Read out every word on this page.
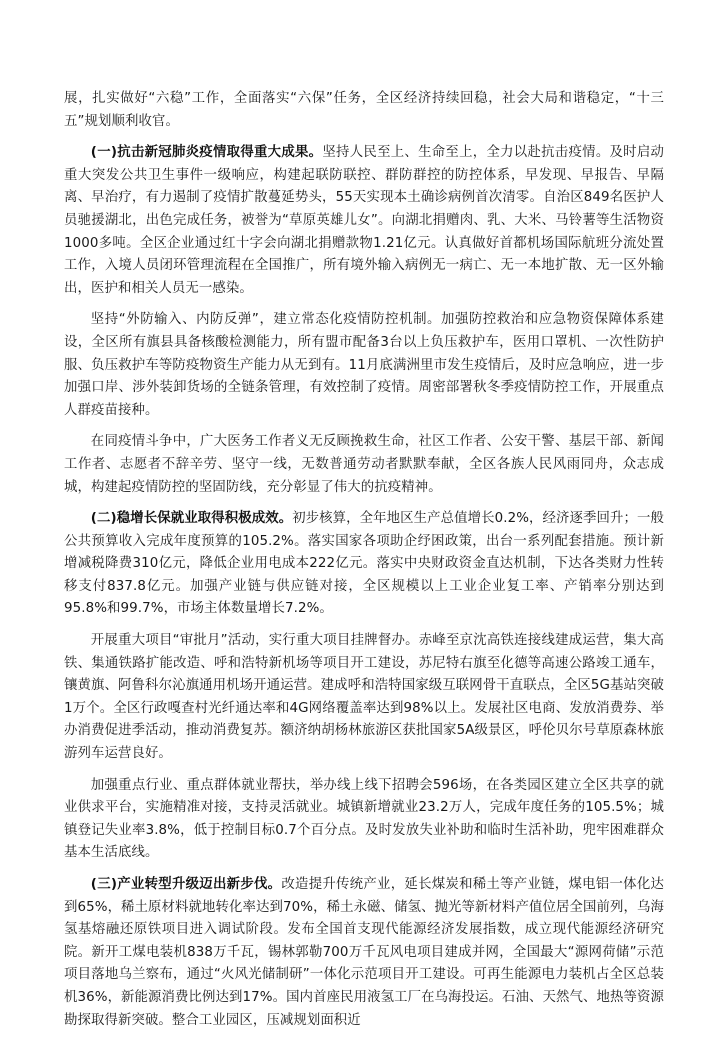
展，扎实做好“六稳”工作，全面落实“六保”任务，全区经济持续回稳，社会大局和谐稳定，“十三五”规划顺利收官。

(一)抗击新冠肺炎疫情取得重大成果。坚持人民至上、生命至上，全力以赴抗击疫情。及时启动重大突发公共卫生事件一级响应，构建起联防联控、群防群控的防控体系，早发现、早报告、早隔离、早治疗，有力遏制了疫情扩散蔓延势头，55天实现本土确诊病例首次清零。自治区849名医护人员驰援湖北，出色完成任务，被誉为“草原英雄儿女”。向湖北捐赠肉、乳、大米、马铃薯等生活物资1000多吨。全区企业通过红十字会向湖北捐赠款物1.21亿元。认真做好首都机场国际航班分流处置工作，入境人员闭环管理流程在全国推广，所有境外输入病例无一病亡、无一本地扩散、无一区外输出，医护和相关人员无一感染。

坚持“外防输入、内防反弹”，建立常态化疫情防控机制。加强防控救治和应急物资保障体系建设，全区所有旗县具备核酸检测能力，所有盟市配备3台以上负压救护车，医用口罩机、一次性防护服、负压救护车等防疫物资生产能力从无到有。11月底满洲里市发生疫情后，及时应急响应，进一步加强口岸、涉外装卸货场的全链条管理，有效控制了疫情。周密部署秋冬季疫情防控工作，开展重点人群疫苗接种。

在同疫情斗争中，广大医务工作者义无反顾挽救生命，社区工作者、公安干警、基层干部、新闻工作者、志愿者不辞辛劳、坚守一线，无数普通劳动者默默奉献，全区各族人民风雨同舟，众志成城，构建起疫情防控的坚固防线，充分彰显了伟大的抗疫精神。

(二)稳增长保就业取得积极成效。初步核算，全年地区生产总值增长0.2%，经济逐季回升；一般公共预算收入完成年度预算的105.2%。落实国家各项助企纾困政策，出台一系列配套措施。预计新增减税降费310亿元，降低企业用电成本222亿元。落实中央财政资金直达机制，下达各类财力性转移支付837.8亿元。加强产业链与供应链对接，全区规模以上工业企业复工率、产销率分别达到95.8%和99.7%，市场主体数量增长7.2%。

开展重大项目“审批月”活动，实行重大项目挂牌督办。赤峰至京沈高铁连接线建成运营，集大高铁、集通铁路扩能改造、呼和浩特新机场等项目开工建设，苏尼特右旗至化德等高速公路竣工通车，镶黄旗、阿鲁科尔沁旗通用机场开通运营。建成呼和浩特国家级互联网骨干直联点，全区5G基站突破1万个。全区行政嘎查村光纤通达率和4G网络覆盖率达到98%以上。发展社区电商、发放消费券、举办消费促进季活动，推动消费复苏。额济纳胡杨林旅游区获批国家5A级景区，呼伦贝尔号草原森林旅游列车运营良好。

加强重点行业、重点群体就业帮扶，举办线上线下招聘会596场，在各类园区建立全区共享的就业供求平台，实施精准对接，支持灵活就业。城镇新增就业23.2万人，完成年度任务的105.5%；城镇登记失业率3.8%，低于控制目标0.7个百分点。及时发放失业补助和临时生活补助，兜牢困难群众基本生活底线。

(三)产业转型升级迈出新步伐。改造提升传统产业，延长煤炭和稀土等产业链，煤电铝一体化达到65%，稀土原材料就地转化率达到70%，稀土永磁、储氢、抛光等新材料产值位居全国前列，乌海氢基熔融还原铁项目进入调试阶段。发布全国首支现代能源经济发展指数，成立现代能源经济研究院。新开工煤电装机838万千瓦，锡林郭勒700万千瓦风电项目建成并网，全国最大“源网荷储”示范项目落地乌兰察布，通过“火风光储制研”一体化示范项目开工建设。可再生能源电力装机占全区总装机36%，新能源消费比例达到17%。国内首座民用液氢工厂在乌海投运。石油、天然气、地热等资源勘探取得新突破。整合工业园区，压减规划面积近
